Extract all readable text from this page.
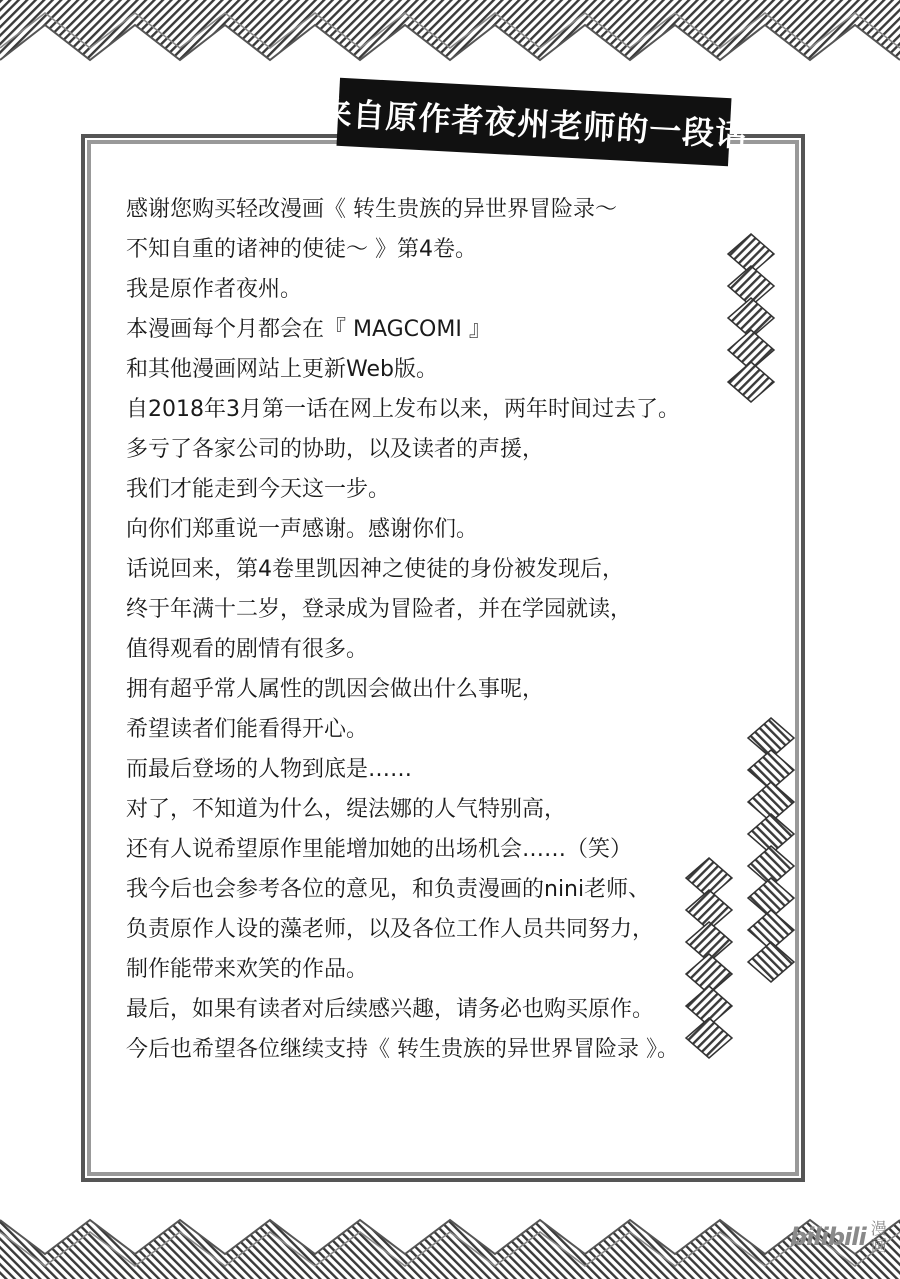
来自原作者夜州老师的一段话
感谢您购买轻改漫画《 转生贵族的异世界冒险录～
不知自重的诸神的使徒～ 》第4卷。
我是原作者夜州。
本漫画每个月都会在『 MAGCOMI 』
和其他漫画网站上更新Web版。
自2018年3月第一话在网上发布以来，两年时间过去了。
多亏了各家公司的协助，以及读者的声援，
我们才能走到今天这一步。
向你们郑重说一声感谢。感谢你们。
话说回来，第4卷里凯因神之使徒的身份被发现后，
终于年满十二岁，登录成为冒险者，并在学园就读，
值得观看的剧情有很多。
拥有超乎常人属性的凯因会做出什么事呢，
希望读者们能看得开心。
而最后登场的人物到底是……
对了，不知道为什么，缇法娜的人气特别高，
还有人说希望原作里能增加她的出场机会……（笑）
我今后也会参考各位的意见，和负责漫画的nini老师、
负责原作人设的藻老师，以及各位工作人员共同努力，
制作能带来欢笑的作品。
最后，如果有读者对后续感兴趣，请务必也购买原作。
今后也希望各位继续支持《 转生贵族的异世界冒险录 》。
bilibili 漫画
